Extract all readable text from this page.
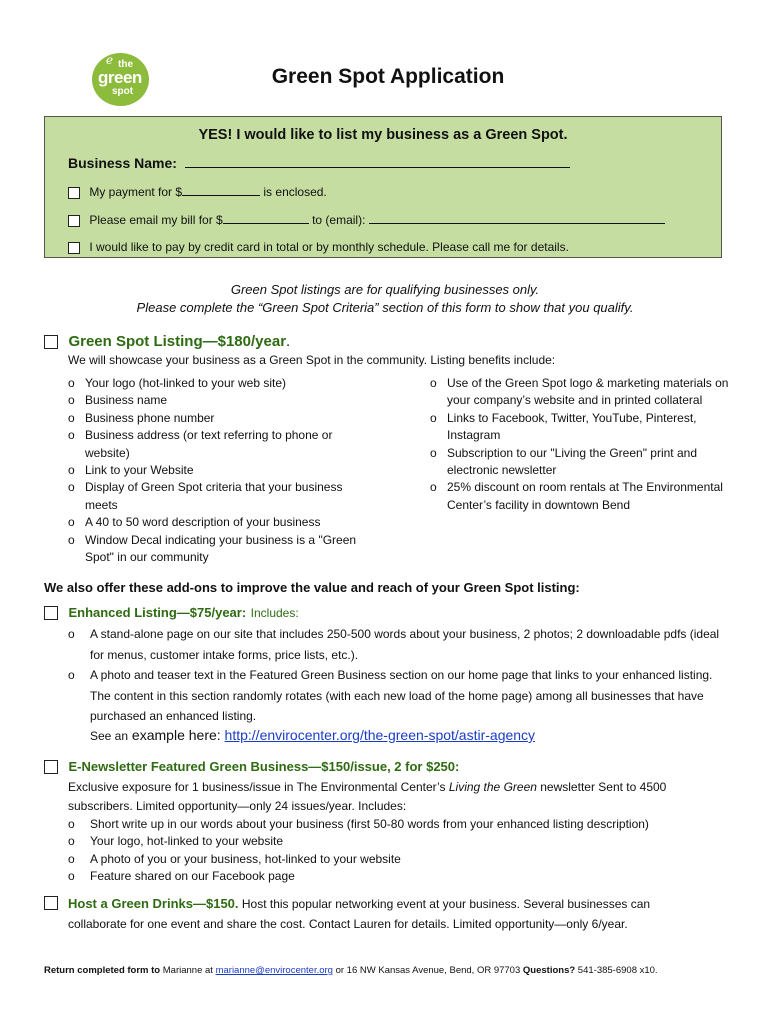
e the
green
spot
Green Spot Application
YES! I would like to list my business as a Green Spot.
Business Name:
My payment for $	is enclosed.
Please email my bill for $	to (email):
I would like to pay by credit card in total or by monthly schedule. Please call me for details.
Green Spot listings are for qualifying businesses only.
Please complete the “Green Spot Criteria” section of this form to show that you qualify.
Green Spot Listing—$180/year.
We will showcase your business as a Green Spot in the community. Listing benefits include:
o Your logo (hot-linked to your web site)
o Business name
o Business phone number
o Business address (or text referring to phone or website)
o Link to your Website
o Display of Green Spot criteria that your business meets
o A 40 to 50 word description of your business
o Window Decal indicating your business is a "Green Spot" in our community
o Use of the Green Spot logo & marketing materials on your company’s website and in printed collateral
o Links to Facebook, Twitter, YouTube, Pinterest, Instagram
o Subscription to our "Living the Green" print and electronic newsletter
o 25% discount on room rentals at The Environmental Center’s facility in downtown Bend
We also offer these add-ons to improve the value and reach of your Green Spot listing:
Enhanced Listing—$75/year: Includes:
o A stand-alone page on our site that includes 250-500 words about your business, 2 photos; 2 downloadable pdfs (ideal for menus, customer intake forms, price lists, etc.).
o A photo and teaser text in the Featured Green Business section on our home page that links to your enhanced listing. The content in this section randomly rotates (with each new load of the home page) among all businesses that have purchased an enhanced listing.
See an example here: http://envirocenter.org/the-green-spot/astir-agency
E-Newsletter Featured Green Business—$150/issue, 2 for $250:
Exclusive exposure for 1 business/issue in The Environmental Center’s Living the Green newsletter Sent to 4500 subscribers. Limited opportunity—only 24 issues/year. Includes:
o Short write up in our words about your business (first 50-80 words from your enhanced listing description)
o Your logo, hot-linked to your website
o A photo of you or your business, hot-linked to your website
o Feature shared on our Facebook page
Host a Green Drinks—$150. Host this popular networking event at your business. Several businesses can collaborate for one event and share the cost. Contact Lauren for details. Limited opportunity—only 6/year.
Return completed form to Marianne at marianne@envirocenter.org or 16 NW Kansas Avenue, Bend, OR 97703 Questions? 541-385-6908 x10.
